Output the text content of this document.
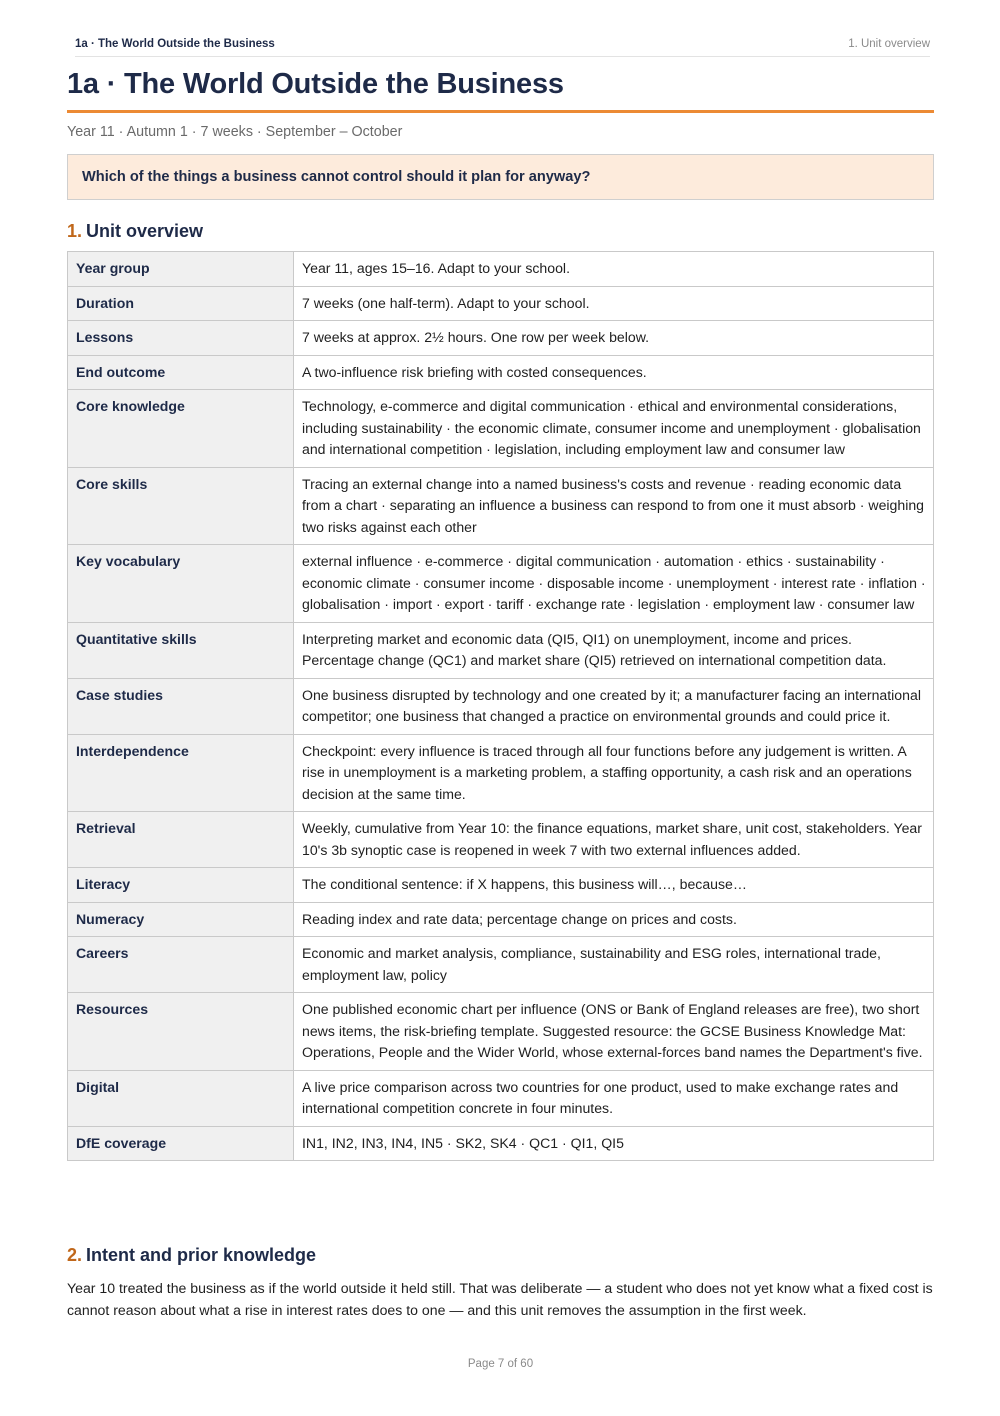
1a · The World Outside the Business	1. Unit overview
1a · The World Outside the Business
Year 11 · Autumn 1 · 7 weeks · September – October
Which of the things a business cannot control should it plan for anyway?
1. Unit overview
Year group	Year 11, ages 15–16. Adapt to your school.
Duration	7 weeks (one half-term). Adapt to your school.
Lessons	7 weeks at approx. 2½ hours. One row per week below.
End outcome	A two-influence risk briefing with costed consequences.
Core knowledge	Technology, e-commerce and digital communication · ethical and environmental considerations, including sustainability · the economic climate, consumer income and unemployment · globalisation and international competition · legislation, including employment law and consumer law
Core skills	Tracing an external change into a named business's costs and revenue · reading economic data from a chart · separating an influence a business can respond to from one it must absorb · weighing two risks against each other
Key vocabulary	external influence · e-commerce · digital communication · automation · ethics · sustainability · economic climate · consumer income · disposable income · unemployment · interest rate · inflation · globalisation · import · export · tariff · exchange rate · legislation · employment law · consumer law
Quantitative skills	Interpreting market and economic data (QI5, QI1) on unemployment, income and prices. Percentage change (QC1) and market share (QI5) retrieved on international competition data.
Case studies	One business disrupted by technology and one created by it; a manufacturer facing an international competitor; one business that changed a practice on environmental grounds and could price it.
Interdependence	Checkpoint: every influence is traced through all four functions before any judgement is written. A rise in unemployment is a marketing problem, a staffing opportunity, a cash risk and an operations decision at the same time.
Retrieval	Weekly, cumulative from Year 10: the finance equations, market share, unit cost, stakeholders. Year 10's 3b synoptic case is reopened in week 7 with two external influences added.
Literacy	The conditional sentence: if X happens, this business will…, because…
Numeracy	Reading index and rate data; percentage change on prices and costs.
Careers	Economic and market analysis, compliance, sustainability and ESG roles, international trade, employment law, policy
Resources	One published economic chart per influence (ONS or Bank of England releases are free), two short news items, the risk-briefing template. Suggested resource: the GCSE Business Knowledge Mat: Operations, People and the Wider World, whose external-forces band names the Department's five.
Digital	A live price comparison across two countries for one product, used to make exchange rates and international competition concrete in four minutes.
DfE coverage	IN1, IN2, IN3, IN4, IN5 · SK2, SK4 · QC1 · QI1, QI5
2. Intent and prior knowledge

Year 10 treated the business as if the world outside it held still. That was deliberate — a student who does not yet know what a fixed cost is cannot reason about what a rise in interest rates does to one — and this unit removes the assumption in the first week.

Page 7 of 60
